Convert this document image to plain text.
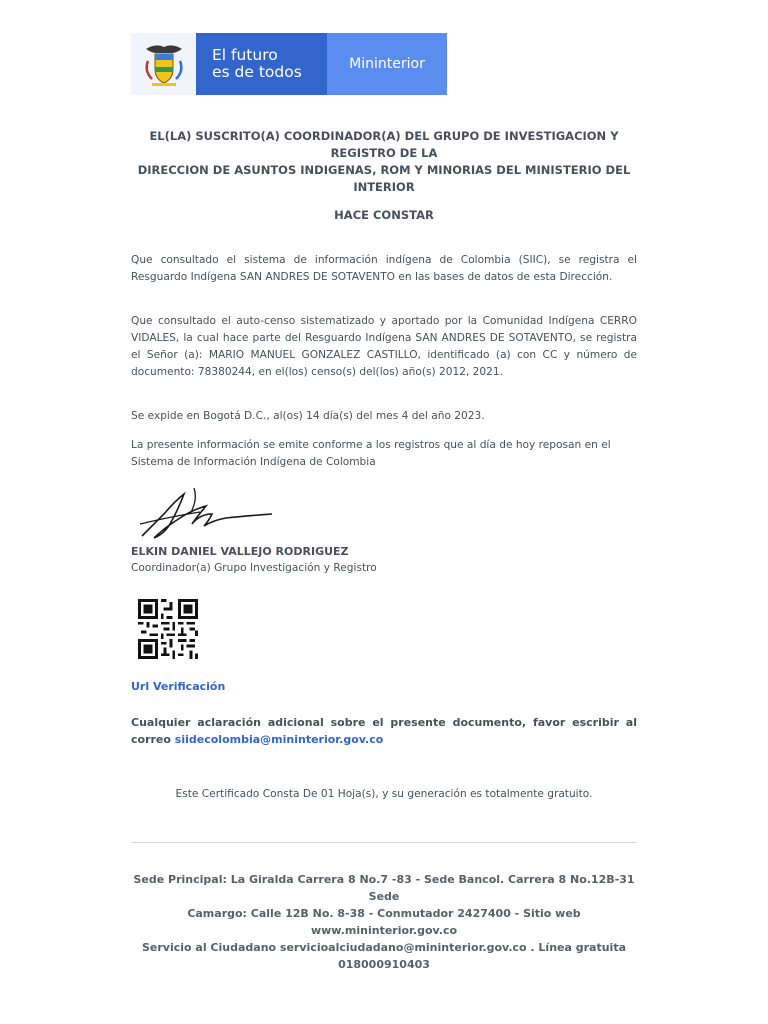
El futuro
es de todos	Mininterior
EL(LA) SUSCRITO(A) COORDINADOR(A) DEL GRUPO DE INVESTIGACION Y REGISTRO DE LA
DIRECCION DE ASUNTOS INDIGENAS, ROM Y MINORIAS DEL MINISTERIO DEL INTERIOR
HACE CONSTAR
Que consultado el sistema de información indígena de Colombia (SIIC), se registra el Resguardo Indígena SAN ANDRES DE SOTAVENTO en las bases de datos de esta Dirección.
Que consultado el auto-censo sistematizado y aportado por la Comunidad Indígena CERRO VIDALES, la cual hace parte del Resguardo Indígena SAN ANDRES DE SOTAVENTO, se registra el Señor (a): MARIO MANUEL GONZALEZ CASTILLO, identificado (a) con CC y número de documento: 78380244, en el(los) censo(s) del(los) año(s) 2012, 2021.
Se expide en Bogotá D.C., al(os) 14 día(s) del mes 4 del año 2023.
La presente información se emite conforme a los registros que al día de hoy reposan en el Sistema de Información Indígena de Colombia
ELKIN DANIEL VALLEJO RODRIGUEZ
Coordinador(a) Grupo Investigación y Registro
Url Verificación
Cualquier aclaración adicional sobre el presente documento, favor escribir al correo siidecolombia@mininterior.gov.co
Este Certificado Consta De 01 Hoja(s), y su generación es totalmente gratuito.
Sede Principal: La Giralda Carrera 8 No.7 -83 - Sede Bancol. Carrera 8 No.12B-31 Sede
Camargo: Calle 12B No. 8-38 - Conmutador 2427400 - Sitio web www.mininterior.gov.co
Servicio al Ciudadano servicioalciudadano@mininterior.gov.co . Línea gratuita
018000910403
